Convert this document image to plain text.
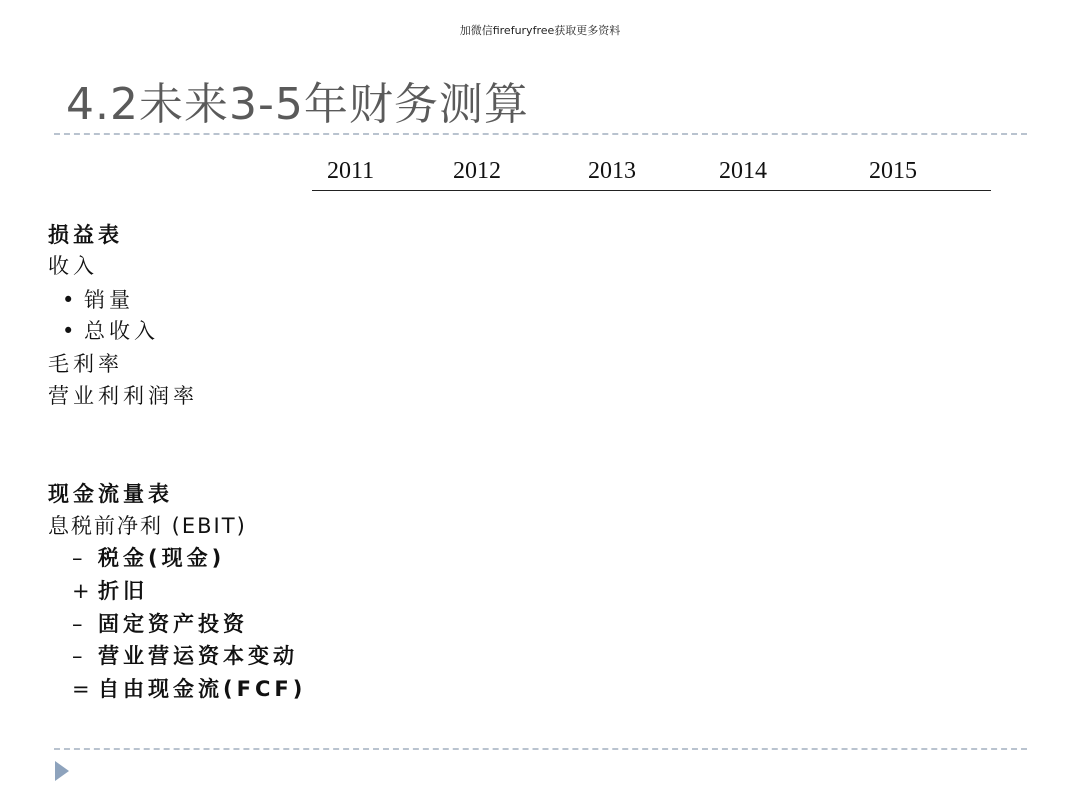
加微信firefuryfree获取更多资料
4.2未来3-5年财务测算
2011	2012	2013	2014	2015
损益表
收入
• 销量
• 总收入
毛利率
营业利利润率
现金流量表
息税前净利 (EBIT)
– 税金(现金)
+ 折旧
– 固定资产投资
– 营业营运资本变动
= 自由现金流(FCF)
